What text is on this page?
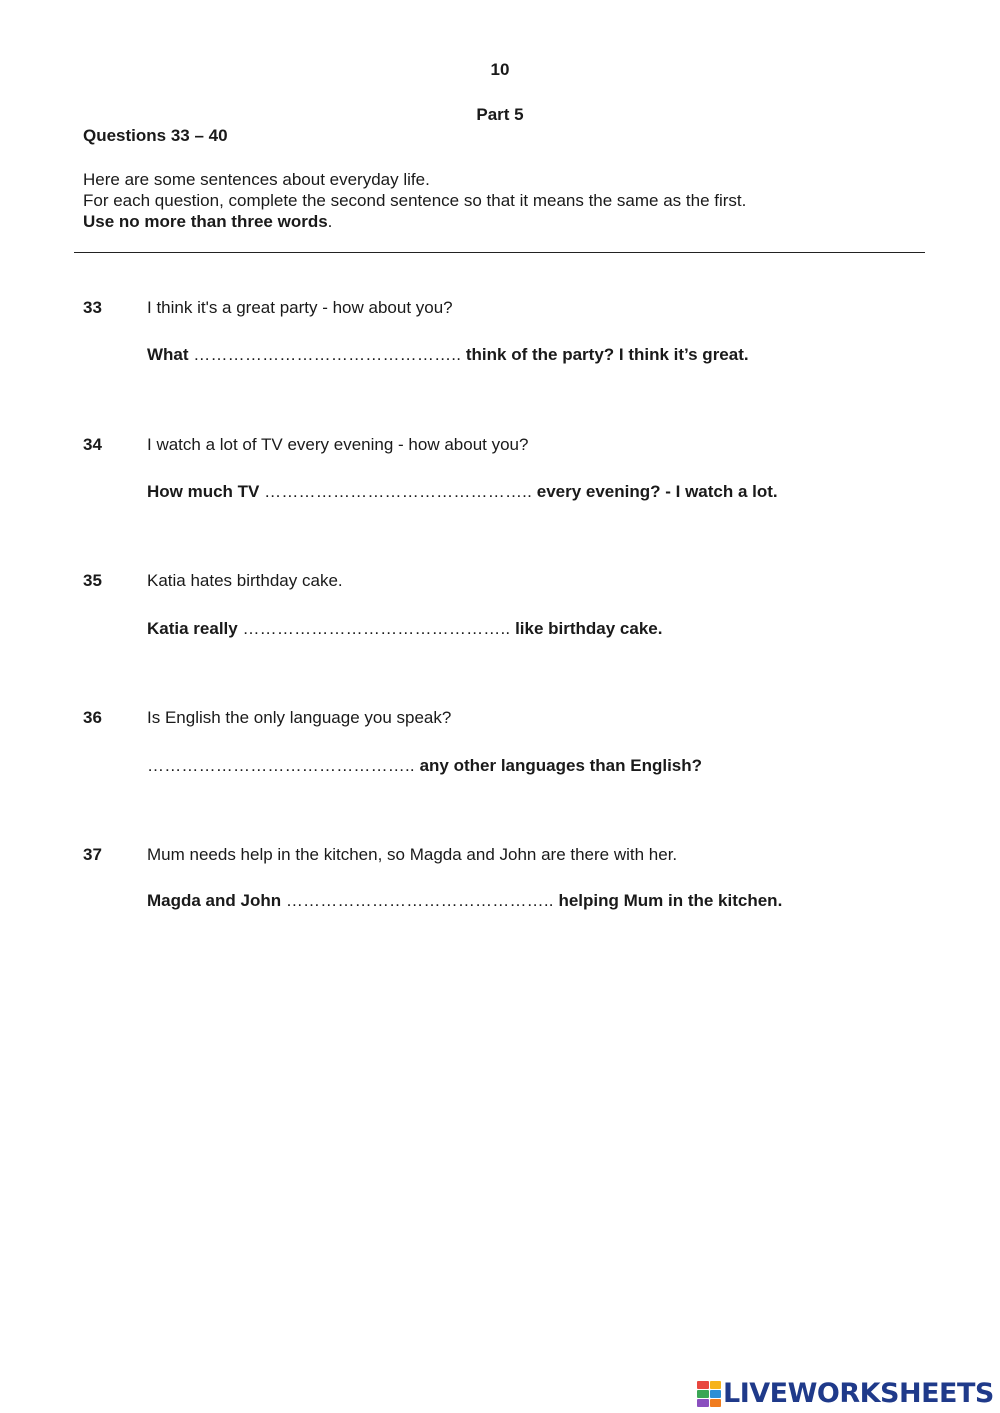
10
Part 5
Questions 33 – 40
Here are some sentences about everyday life.
For each question, complete the second sentence so that it means the same as the first.
Use no more than three words.
33	I think it's a great party - how about you?
What ……………………………………….. think of the party? I think it’s great.
34	I watch a lot of TV every evening - how about you?
How much TV ……………………………………….. every evening? - I watch a lot.
35	Katia hates birthday cake.
Katia really ……………………………………….. like birthday cake.
36	Is English the only language you speak?
……………………………………….. any other languages than English?
37	Mum needs help in the kitchen, so Magda and John are there with her.
Magda and John ……………………………………….. helping Mum in the kitchen.
LIVEWORKSHEETS
